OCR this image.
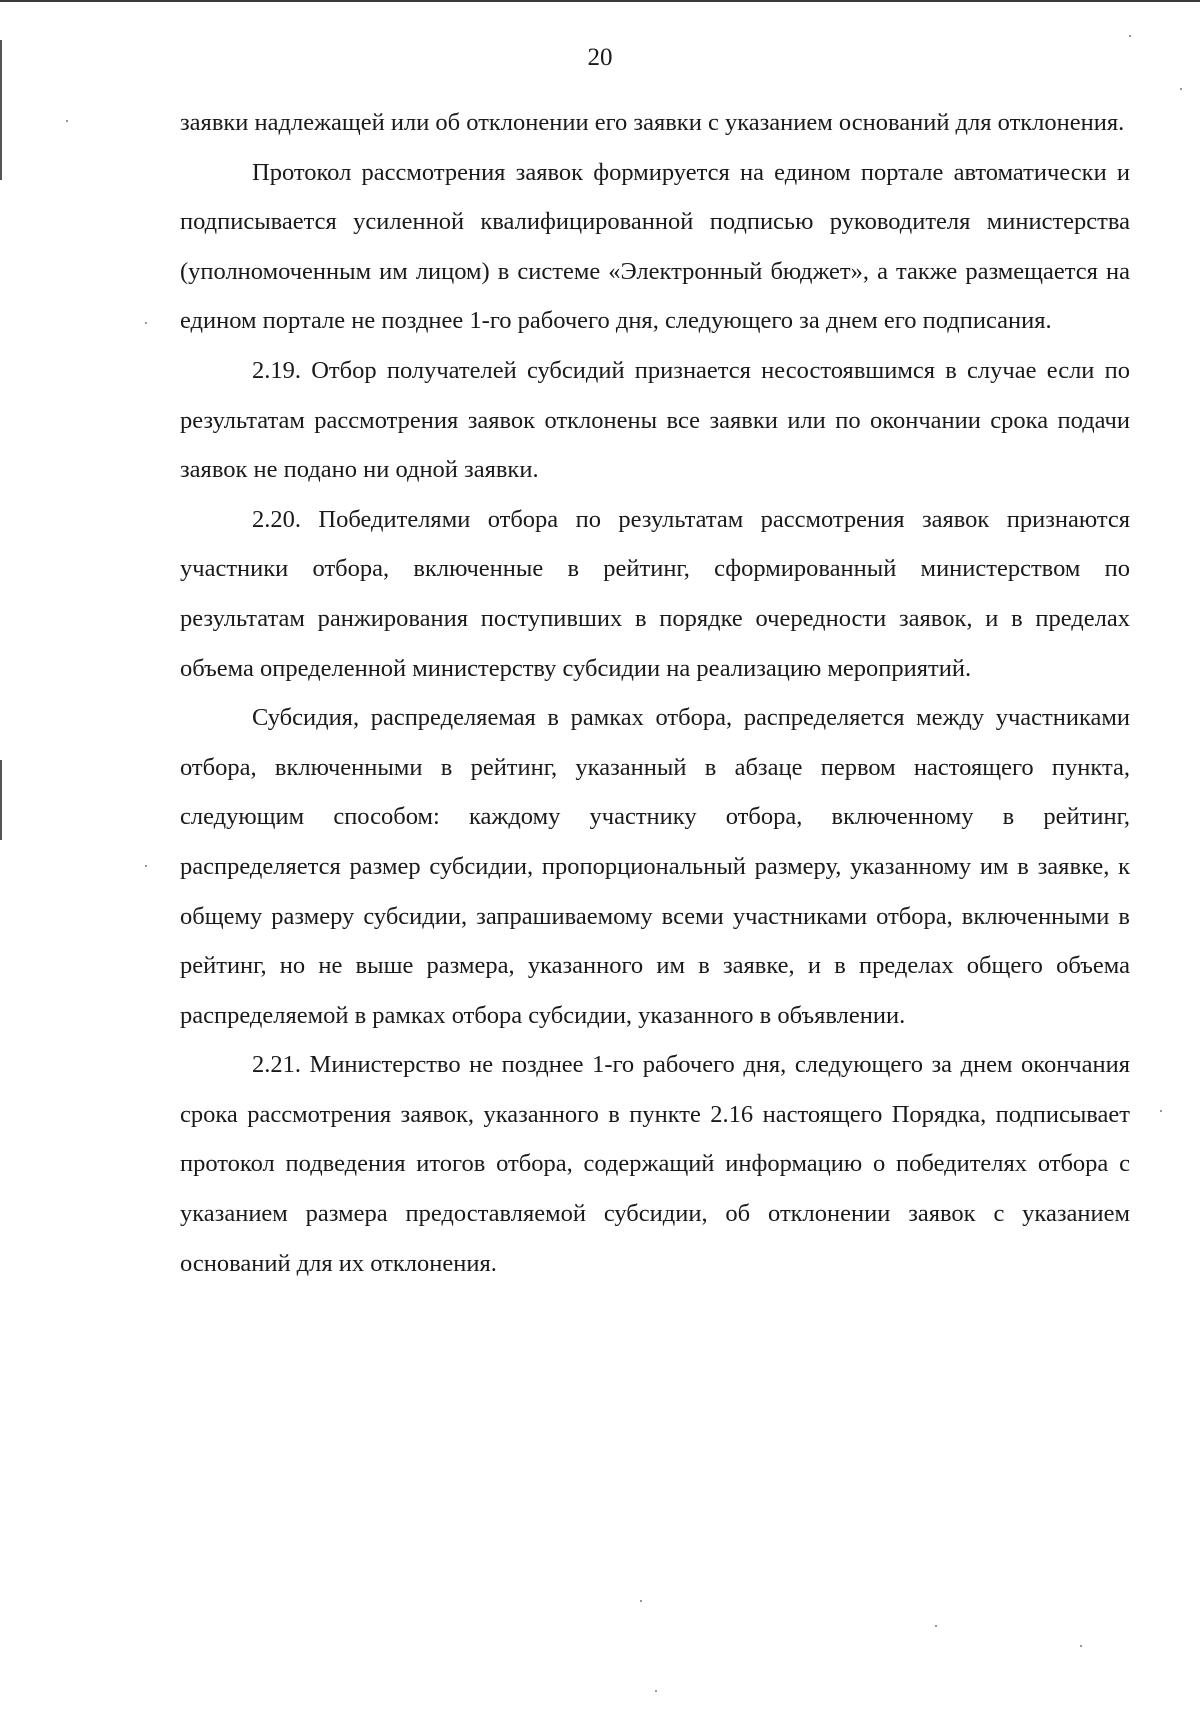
20

заявки надлежащей или об отклонении его заявки с указанием оснований для отклонения.

Протокол рассмотрения заявок формируется на едином портале автоматически и подписывается усиленной квалифицированной подписью руководителя министерства (уполномоченным им лицом) в системе «Электронный бюджет», а также размещается на едином портале не позднее 1-го рабочего дня, следующего за днем его подписания.

2.19. Отбор получателей субсидий признается несостоявшимся в случае если по результатам рассмотрения заявок отклонены все заявки или по окончании срока подачи заявок не подано ни одной заявки.

2.20. Победителями отбора по результатам рассмотрения заявок признаются участники отбора, включенные в рейтинг, сформированный министерством по результатам ранжирования поступивших в порядке очередности заявок, и в пределах объема определенной министерству субсидии на реализацию мероприятий.

Субсидия, распределяемая в рамках отбора, распределяется между участниками отбора, включенными в рейтинг, указанный в абзаце первом настоящего пункта, следующим способом: каждому участнику отбора, включенному в рейтинг, распределяется размер субсидии, пропорциональный размеру, указанному им в заявке, к общему размеру субсидии, запрашиваемому всеми участниками отбора, включенными в рейтинг, но не выше размера, указанного им в заявке, и в пределах общего объема распределяемой в рамках отбора субсидии, указанного в объявлении.

2.21. Министерство не позднее 1-го рабочего дня, следующего за днем окончания срока рассмотрения заявок, указанного в пункте 2.16 настоящего Порядка, подписывает протокол подведения итогов отбора, содержащий информацию о победителях отбора с указанием размера предоставляемой субсидии, об отклонении заявок с указанием оснований для их отклонения.
